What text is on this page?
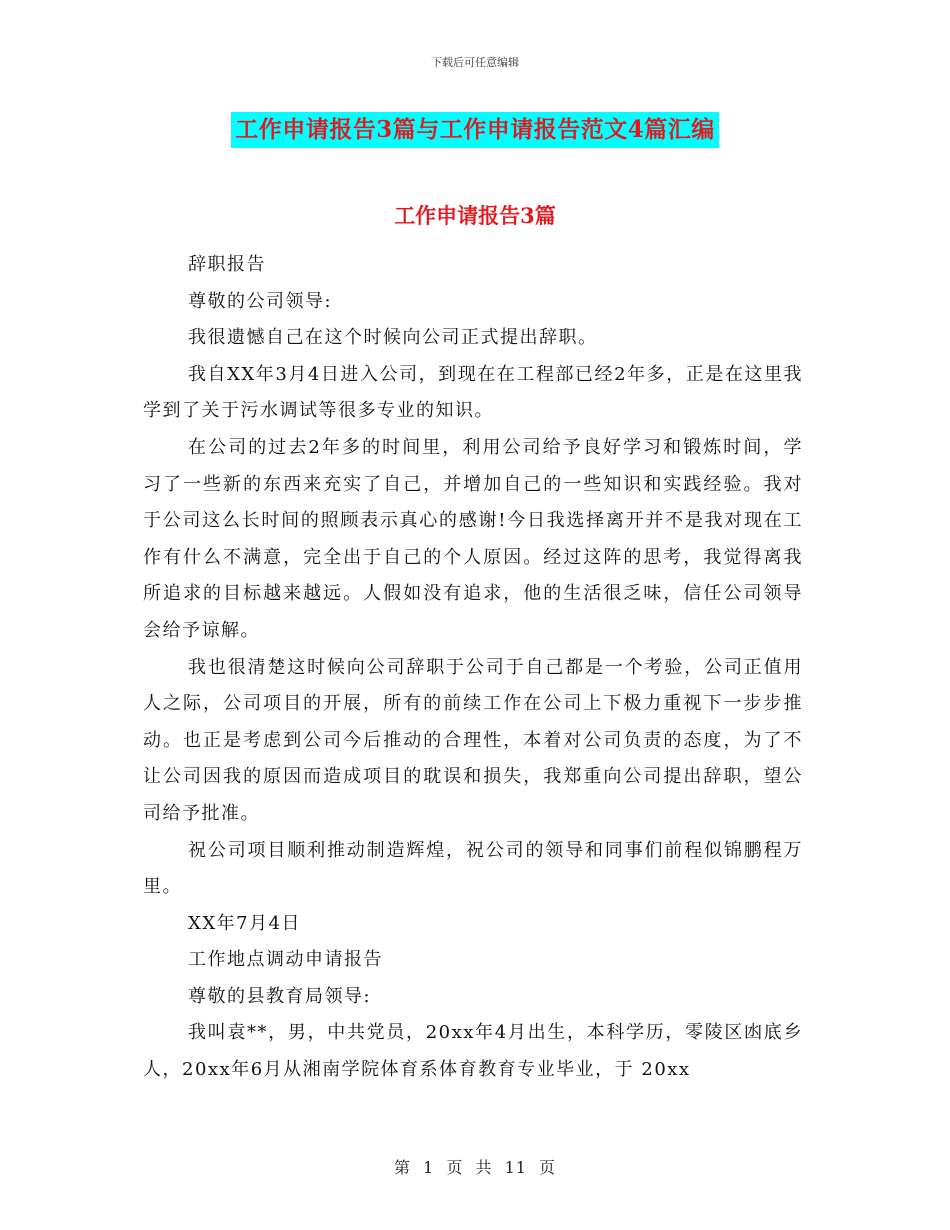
下载后可任意编辑
工作申请报告3篇与工作申请报告范文4篇汇编
工作申请报告3篇

辞职报告

尊敬的公司领导:

我很遗憾自己在这个时候向公司正式提出辞职。

我自XX年3月4日进入公司，到现在在工程部已经2年多，正是在这里我学到了关于污水调试等很多专业的知识。

在公司的过去2年多的时间里，利用公司给予良好学习和锻炼时间，学习了一些新的东西来充实了自己，并增加自己的一些知识和实践经验。我对于公司这么长时间的照顾表示真心的感谢!今日我选择离开并不是我对现在工作有什么不满意，完全出于自己的个人原因。经过这阵的思考，我觉得离我所追求的目标越来越远。人假如没有追求，他的生活很乏味，信任公司领导会给予谅解。

我也很清楚这时候向公司辞职于公司于自己都是一个考验，公司正值用人之际，公司项目的开展，所有的前续工作在公司上下极力重视下一步步推动。也正是考虑到公司今后推动的合理性，本着对公司负责的态度，为了不让公司因我的原因而造成项目的耽误和损失，我郑重向公司提出辞职，望公司给予批准。

祝公司项目顺利推动制造辉煌，祝公司的领导和同事们前程似锦鹏程万里。

XX年7月4日

工作地点调动申请报告

尊敬的县教育局领导:

我叫袁**，男，中共党员，20xx年4月出生，本科学历，零陵区凼底乡人，20xx年6月从湘南学院体育系体育教育专业毕业，于 20xx

第 1 页 共 11 页
